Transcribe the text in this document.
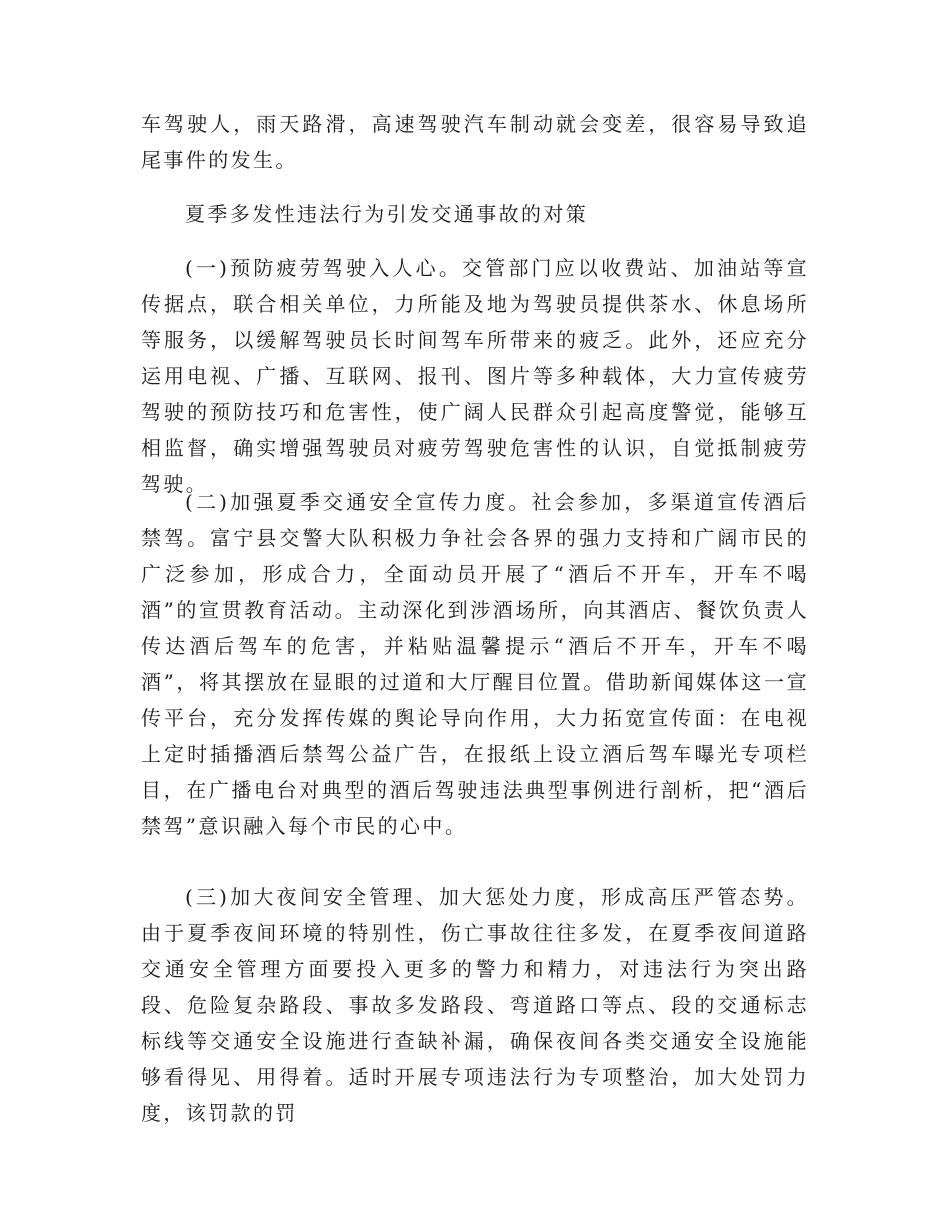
车驾驶人，雨天路滑，高速驾驶汽车制动就会变差，很容易导致追尾事件的发生。

夏季多发性违法行为引发交通事故的对策

(一)预防疲劳驾驶入人心。交管部门应以收费站、加油站等宣传据点，联合相关单位，力所能及地为驾驶员提供茶水、休息场所等服务，以缓解驾驶员长时间驾车所带来的疲乏。此外，还应充分运用电视、广播、互联网、报刊、图片等多种载体，大力宣传疲劳驾驶的预防技巧和危害性，使广阔人民群众引起高度警觉，能够互相监督，确实增强驾驶员对疲劳驾驶危害性的认识，自觉抵制疲劳驾驶。

(二)加强夏季交通安全宣传力度。社会参加，多渠道宣传酒后禁驾。富宁县交警大队积极力争社会各界的强力支持和广阔市民的广泛参加，形成合力，全面动员开展了“酒后不开车，开车不喝酒”的宣贯教育活动。主动深化到涉酒场所，向其酒店、餐饮负责人传达酒后驾车的危害，并粘贴温馨提示“酒后不开车，开车不喝酒”，将其摆放在显眼的过道和大厅醒目位置。借助新闻媒体这一宣传平台，充分发挥传媒的舆论导向作用，大力拓宽宣传面：在电视上定时插播酒后禁驾公益广告，在报纸上设立酒后驾车曝光专项栏目，在广播电台对典型的酒后驾驶违法典型事例进行剖析，把“酒后禁驾”意识融入每个市民的心中。

(三)加大夜间安全管理、加大惩处力度，形成高压严管态势。由于夏季夜间环境的特别性，伤亡事故往往多发，在夏季夜间道路交通安全管理方面要投入更多的警力和精力，对违法行为突出路段、危险复杂路段、事故多发路段、弯道路口等点、段的交通标志标线等交通安全设施进行查缺补漏，确保夜间各类交通安全设施能够看得见、用得着。适时开展专项违法行为专项整治，加大处罚力度，该罚款的罚
